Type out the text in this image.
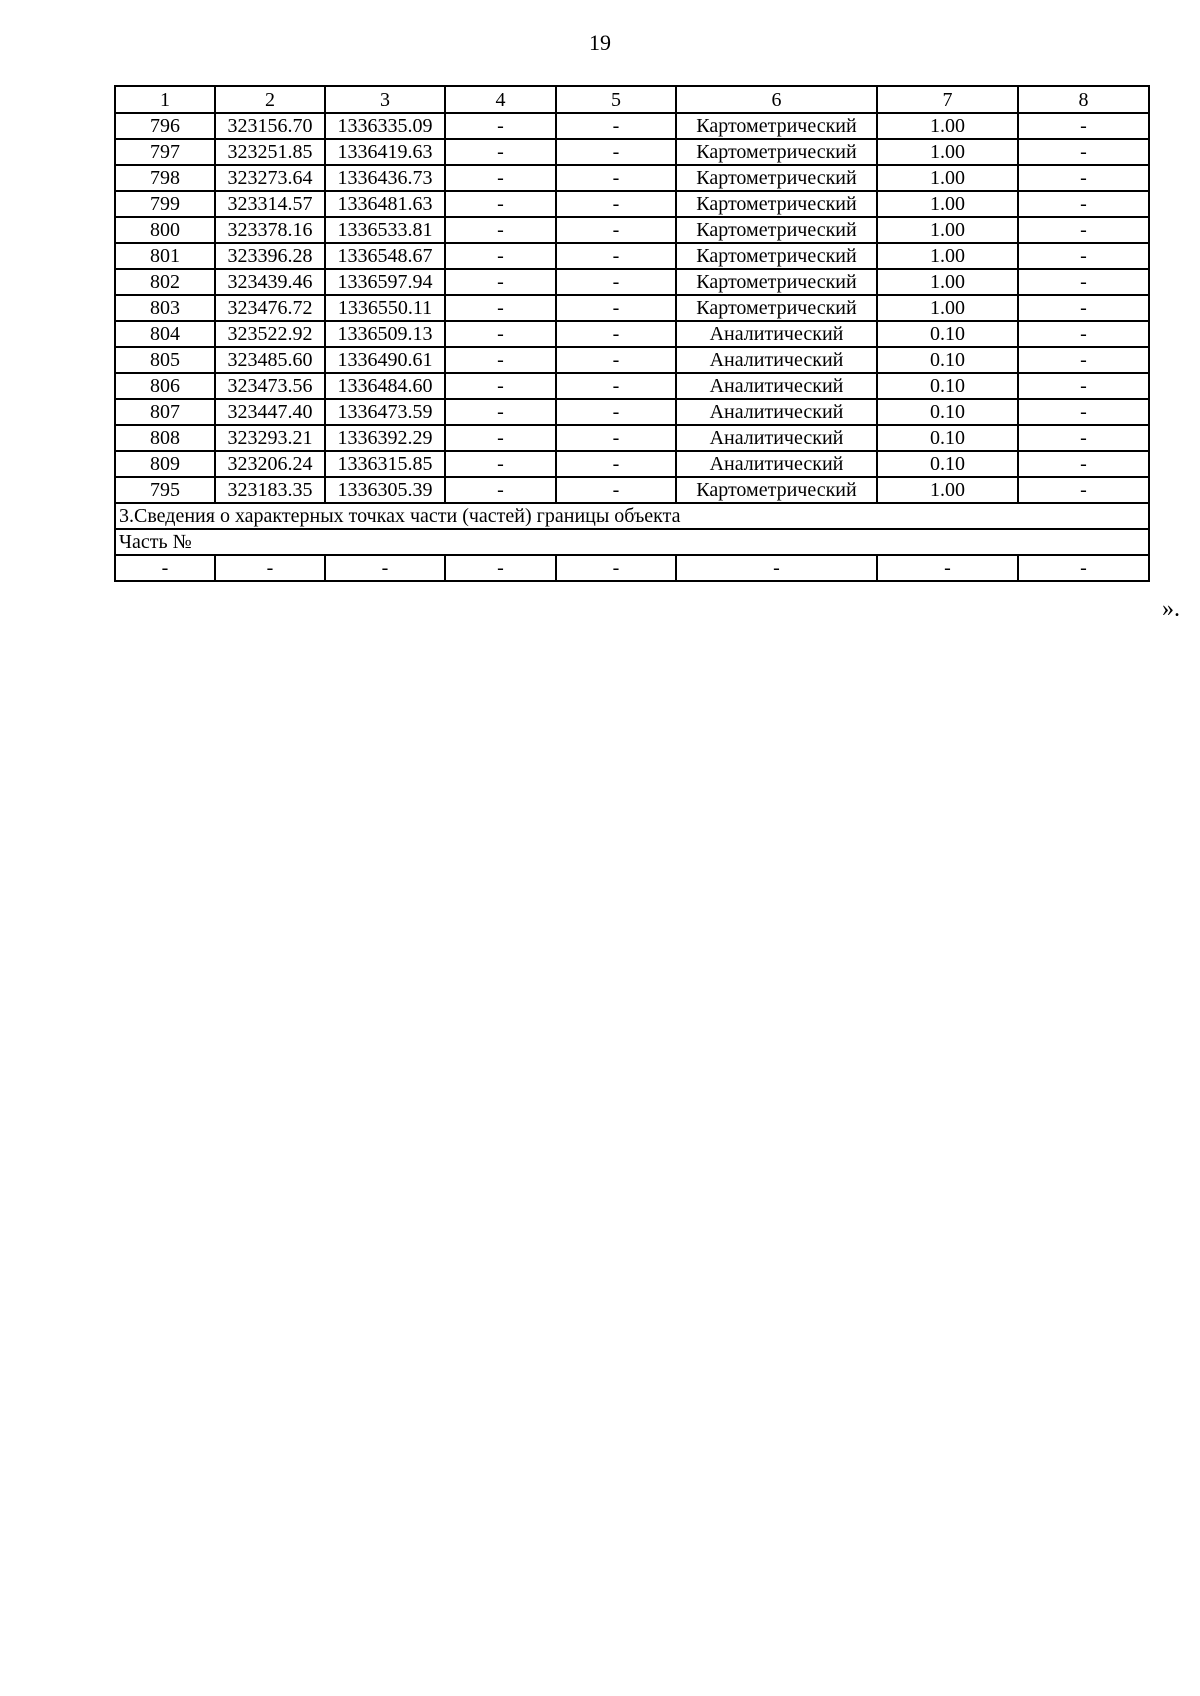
19
1	2	3	4	5	6	7	8
796	323156.70	1336335.09	-	-	Картометрический	1.00	-
797	323251.85	1336419.63	-	-	Картометрический	1.00	-
798	323273.64	1336436.73	-	-	Картометрический	1.00	-
799	323314.57	1336481.63	-	-	Картометрический	1.00	-
800	323378.16	1336533.81	-	-	Картометрический	1.00	-
801	323396.28	1336548.67	-	-	Картометрический	1.00	-
802	323439.46	1336597.94	-	-	Картометрический	1.00	-
803	323476.72	1336550.11	-	-	Картометрический	1.00	-
804	323522.92	1336509.13	-	-	Аналитический	0.10	-
805	323485.60	1336490.61	-	-	Аналитический	0.10	-
806	323473.56	1336484.60	-	-	Аналитический	0.10	-
807	323447.40	1336473.59	-	-	Аналитический	0.10	-
808	323293.21	1336392.29	-	-	Аналитический	0.10	-
809	323206.24	1336315.85	-	-	Аналитический	0.10	-
795	323183.35	1336305.39	-	-	Картометрический	1.00	-
3.Сведения о характерных точках части (частей) границы объекта							
Часть №							
-	-	-	-	-	-	-	-
».
